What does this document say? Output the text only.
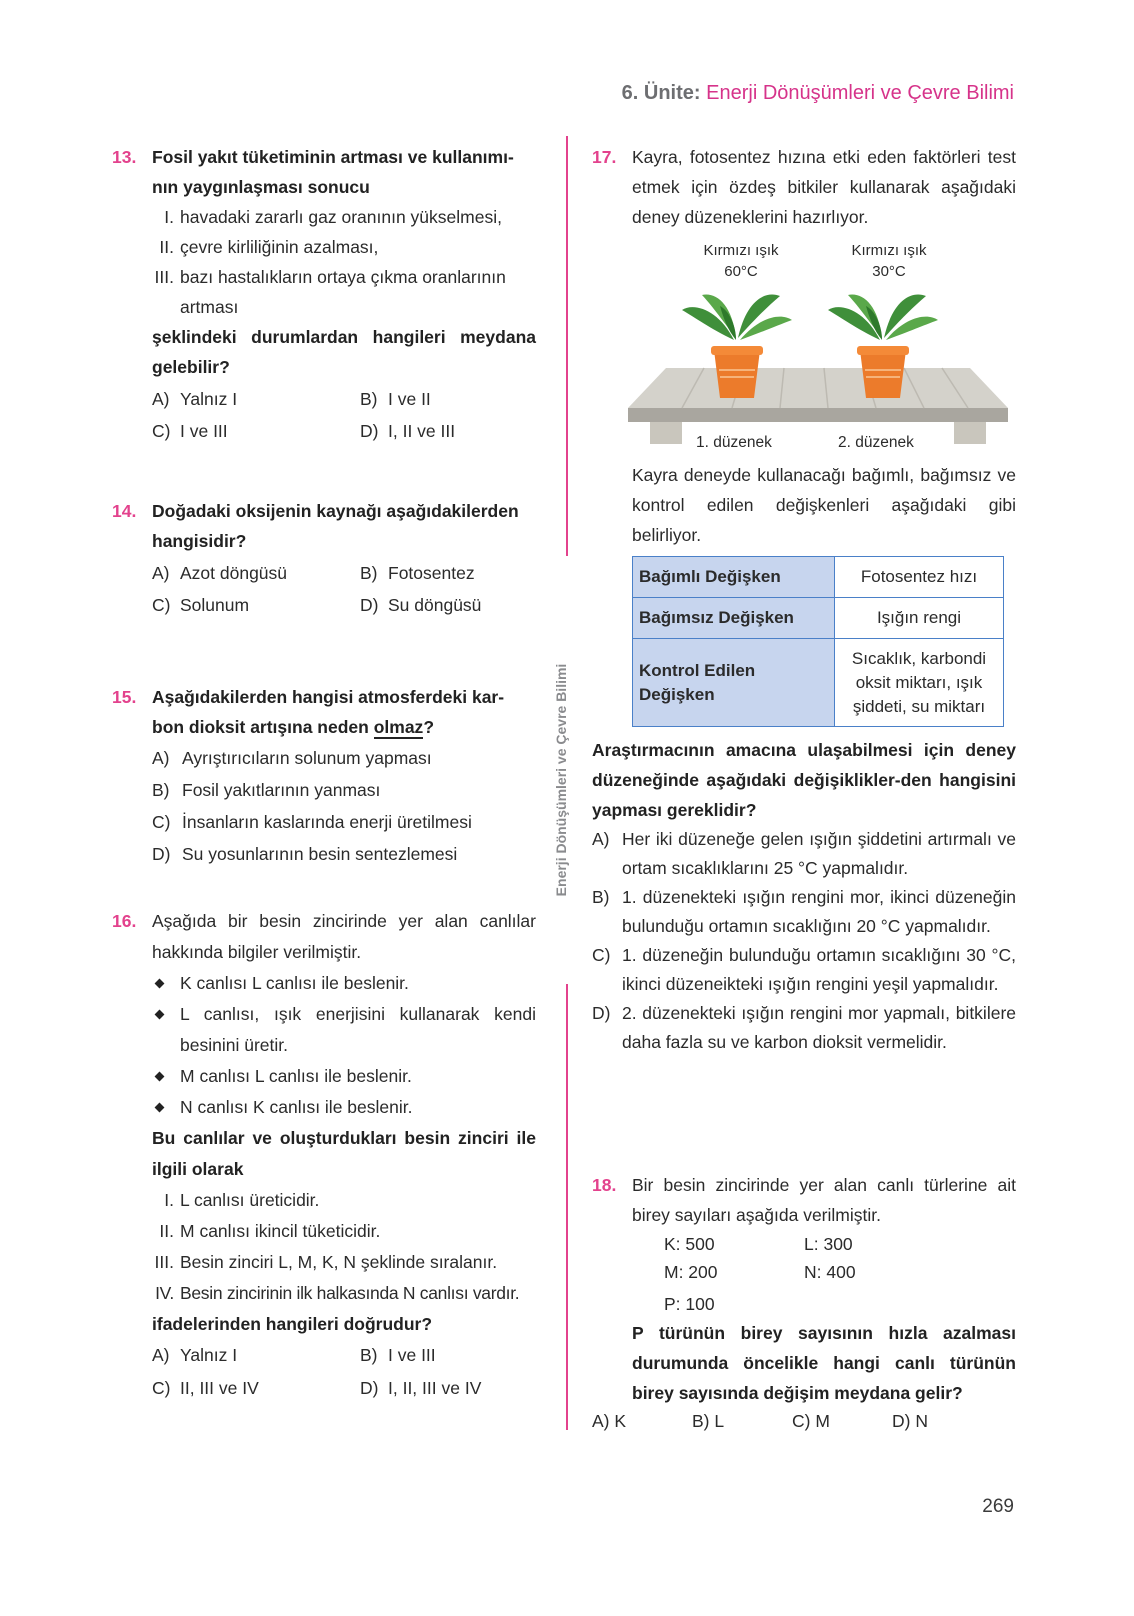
6. Ünite: Enerji Dönüşümleri ve Çevre Bilimi
Enerji Dönüşümleri ve Çevre Bilimi
13. Fosil yakıt tüketiminin artması ve kullanımı-
nın yaygınlaşması sonucu
I. havadaki zararlı gaz oranının yükselmesi,
II. çevre kirliliğinin azalması,
III. bazı hastalıkların ortaya çıkma oranlarının artması
şeklindeki durumlardan hangileri meydana gelebilir?
A) Yalnız I	B) I ve II
C) I ve III	D) I, II ve III
14. Doğadaki oksijenin kaynağı aşağıdakilerden hangisidir?
A) Azot döngüsü	B) Fotosentez
C) Solunum	D) Su döngüsü
15. Aşağıdakilerden hangisi atmosferdeki kar-
bon dioksit artışına neden olmaz?
A) Ayrıştırıcıların solunum yapması
B) Fosil yakıtlarının yanması
C) İnsanların kaslarında enerji üretilmesi
D) Su yosunlarının besin sentezlemesi
16. Aşağıda bir besin zincirinde yer alan canlılar hakkında bilgiler verilmiştir.
K canlısı L canlısı ile beslenir.
L canlısı, ışık enerjisini kullanarak kendi besinini üretir.
M canlısı L canlısı ile beslenir.
N canlısı K canlısı ile beslenir.
Bu canlılar ve oluşturdukları besin zinciri ile ilgili olarak
I. L canlısı üreticidir.
II. M canlısı ikincil tüketicidir.
III. Besin zinciri L, M, K, N şeklinde sıralanır.
IV. Besin zincirinin ilk halkasında N canlısı vardır.
ifadelerinden hangileri doğrudur?
A) Yalnız I	B) I ve III
C) II, III ve IV	D) I, II, III ve IV
17. Kayra, fotosentez hızına etki eden faktörleri test etmek için özdeş bitkiler kullanarak aşağıdaki deney düzeneklerini hazırlıyor.
Kırmızı ışık
60°C
Kırmızı ışık
30°C
1. düzenek	2. düzenek
Kayra deneyde kullanacağı bağımlı, bağımsız ve kontrol edilen değişkenleri aşağıdaki gibi belirliyor.
Bağımlı Değişken	Fotosentez hızı
Bağımsız Değişken	Işığın rengi
Kontrol Edilen Değişken	Sıcaklık, karbondi oksit miktarı, ışık şiddeti, su miktarı
Araştırmacının amacına ulaşabilmesi için deney düzeneğinde aşağıdaki değişiklikler-den hangisini yapması gereklidir?
A) Her iki düzeneğe gelen ışığın şiddetini artırmalı ve ortam sıcaklıklarını 25 °C yapmalıdır.
B) 1. düzenekteki ışığın rengini mor, ikinci düzeneğin bulunduğu ortamın sıcaklığını 20 °C yapmalıdır.
C) 1. düzeneğin bulunduğu ortamın sıcaklığını 30 °C, ikinci düzeneikteki ışığın rengini yeşil yapmalıdır.
D) 2. düzenekteki ışığın rengini mor yapmalı, bitkilere daha fazla su ve karbon dioksit vermelidir.
18. Bir besin zincirinde yer alan canlı türlerine ait birey sayıları aşağıda verilmiştir.
K: 500	L: 300
M: 200	N: 400
P: 100
P türünün birey sayısının hızla azalması durumunda öncelikle hangi canlı türünün birey sayısında değişim meydana gelir?
A) K	B) L	C) M	D) N
269
